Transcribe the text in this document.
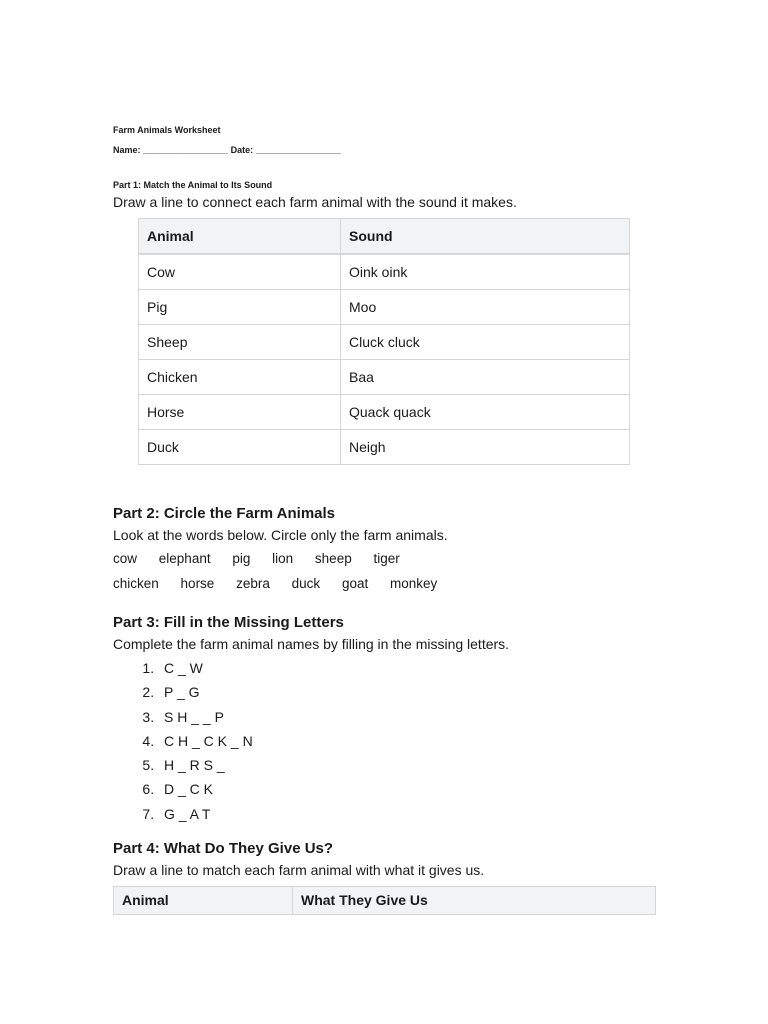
Farm Animals Worksheet
Name: _________________ Date: _________________
Part 1: Match the Animal to Its Sound
Draw a line to connect each farm animal with the sound it makes.
Animal	Sound
Cow	Oink oink
Pig	Moo
Sheep	Cluck cluck
Chicken	Baa
Horse	Quack quack
Duck	Neigh
Part 2: Circle the Farm Animals
Look at the words below. Circle only the farm animals.
cow elephant pig lion sheep tiger
chicken horse zebra duck goat monkey
Part 3: Fill in the Missing Letters
Complete the farm animal names by filling in the missing letters.
1. C _ W
2. P _ G
3. S H _ _ P
4. C H _ C K _ N
5. H _ R S _
6. D _ C K
7. G _ A T
Part 4: What Do They Give Us?
Draw a line to match each farm animal with what it gives us.
Animal	What They Give Us
